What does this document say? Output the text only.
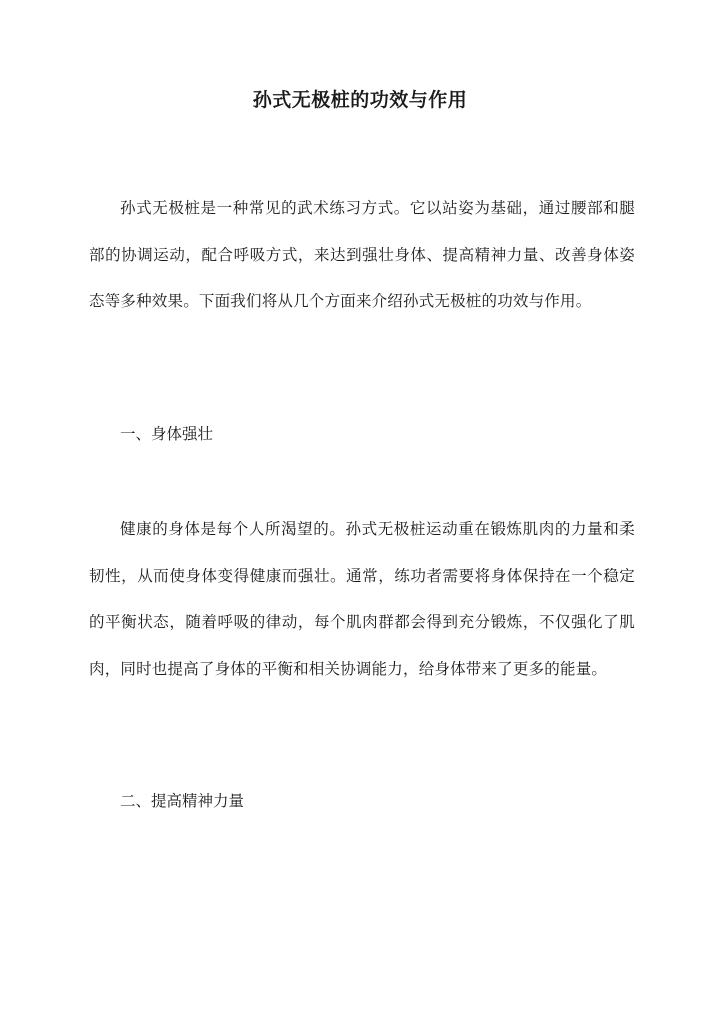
孙式无极桩的功效与作用

孙式无极桩是一种常见的武术练习方式。它以站姿为基础，通过腰部和腿部的协调运动，配合呼吸方式，来达到强壮身体、提高精神力量、改善身体姿态等多种效果。下面我们将从几个方面来介绍孙式无极桩的功效与作用。

一、身体强壮

健康的身体是每个人所渴望的。孙式无极桩运动重在锻炼肌肉的力量和柔韧性，从而使身体变得健康而强壮。通常，练功者需要将身体保持在一个稳定的平衡状态，随着呼吸的律动，每个肌肉群都会得到充分锻炼，不仅强化了肌肉，同时也提高了身体的平衡和相关协调能力，给身体带来了更多的能量。

二、提高精神力量
